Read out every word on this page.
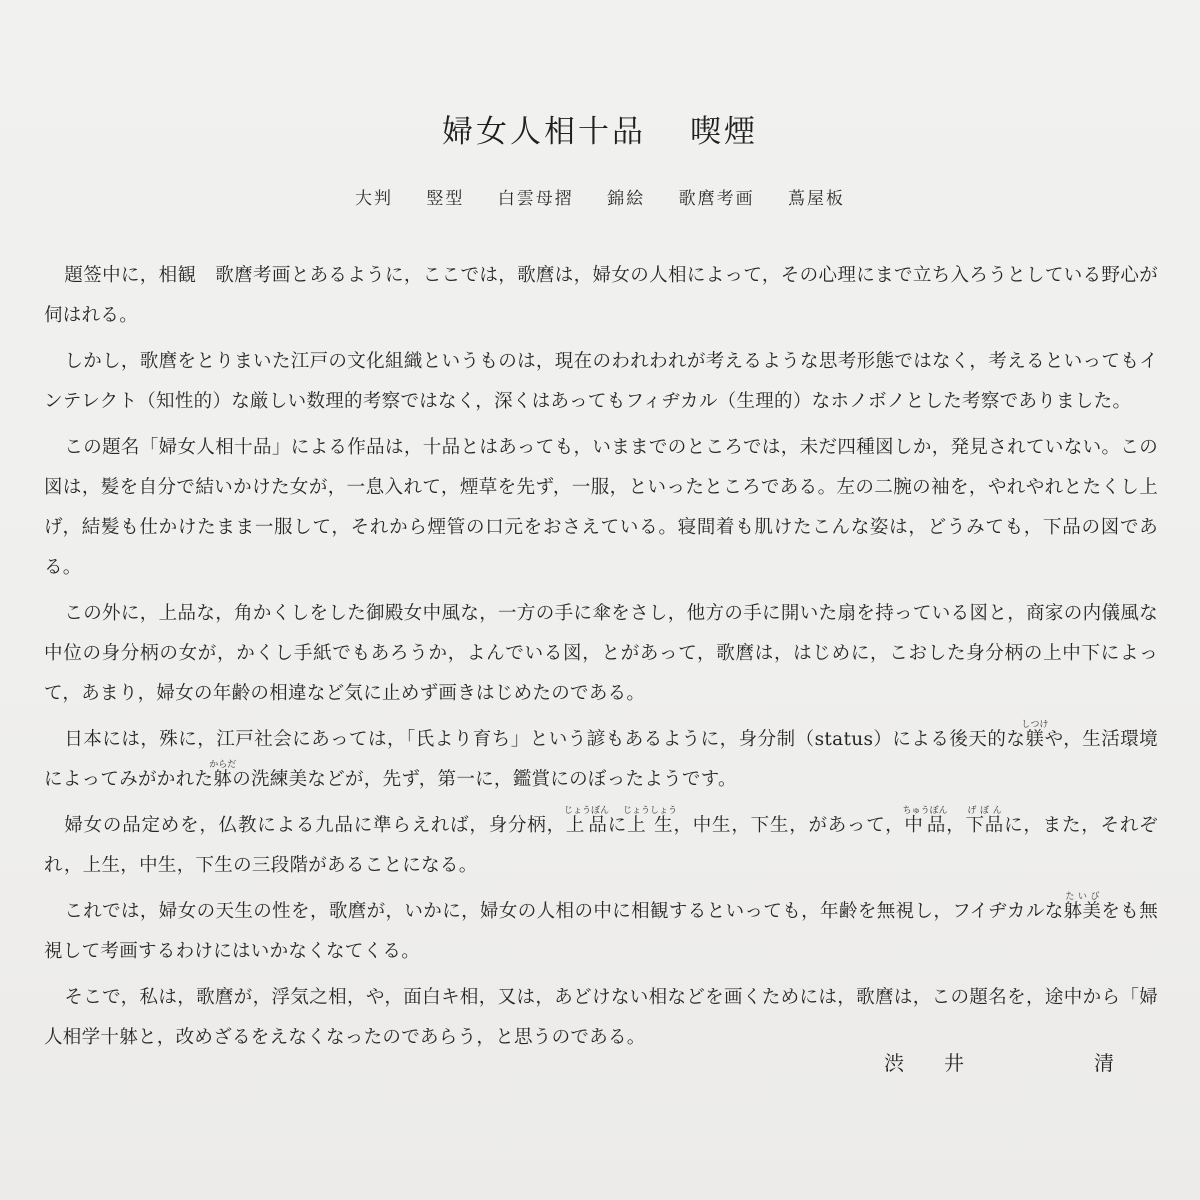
婦女人相十品 喫煙
大判 竪型 白雲母摺 錦絵 歌麿考画 蔦屋板

題签中に，相観　歌麿考画とあるように，ここでは，歌麿は，婦女の人相によって，その心理にまで立ち入ろうとしている野心が伺はれる。

しかし，歌麿をとりまいた江戸の文化組織というものは，現在のわれわれが考えるような思考形態ではなく，考えるといってもインテレクト（知性的）な厳しい数理的考察ではなく，深くはあってもフィヂカル（生理的）なホノボノとした考察でありました。

この題名「婦女人相十品」による作品は，十品とはあっても，いままでのところでは，未だ四種図しか，発見されていない。この図は，髪を自分で結いかけた女が，一息入れて，煙草を先ず，一服，といったところである。左の二腕の袖を，やれやれとたくし上げ，結髪も仕かけたまま一服して，それから煙管の口元をおさえている。寝間着も肌けたこんな姿は，どうみても，下品の図である。

この外に，上品な，角かくしをした御殿女中風な，一方の手に傘をさし，他方の手に開いた扇を持っている図と，商家の内儀風な中位の身分柄の女が，かくし手紙でもあろうか，よんでいる図，とがあって，歌麿は，はじめに，こおした身分柄の上中下によって，あまり，婦女の年齢の相違など気に止めず画きはじめたのである。

日本には，殊に，江戸社会にあっては，「氏より育ち」という諺もあるように，身分制（status）による後天的な躾しつけや，生活環境によってみがかれた躰からだの洗練美などが，先ず，第一に，鑑賞にのぼったようです。

婦女の品定めを，仏教による九品に準らえれば，身分柄，上品じょうぼんに上生じょうしょう，中生，下生，があって，中品ちゅうぼん，下品げぼんに，また，それぞれ，上生，中生，下生の三段階があることになる。

これでは，婦女の天生の性を，歌麿が，いかに，婦女の人相の中に相観するといっても，年齢を無視し，フイヂカルな躰美たいびをも無視して考画するわけにはいかなくなてくる。

そこで，私は，歌麿が，浮気之相，や，面白キ相，又は，あどけない相などを画くためには，歌麿は，この題名を，途中から「婦人相学十躰と，改めざるをえなくなったのであらう，と思うのである。

渋井	清
